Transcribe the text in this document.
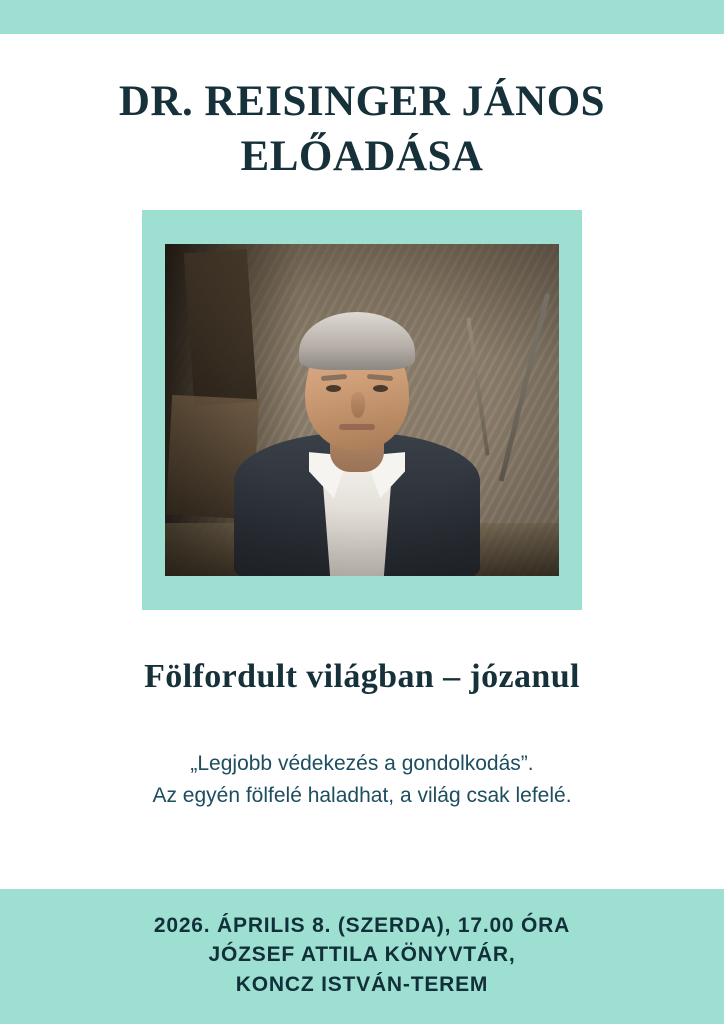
DR. REISINGER JÁNOS
ELŐADÁSA
Fölfordult világban – józanul
„Legjobb védekezés a gondolkodás”.
Az egyén fölfelé haladhat, a világ csak lefelé.
2026. ÁPRILIS 8. (SZERDA), 17.00 ÓRA
JÓZSEF ATTILA KÖNYVTÁR,
KONCZ ISTVÁN-TEREM
